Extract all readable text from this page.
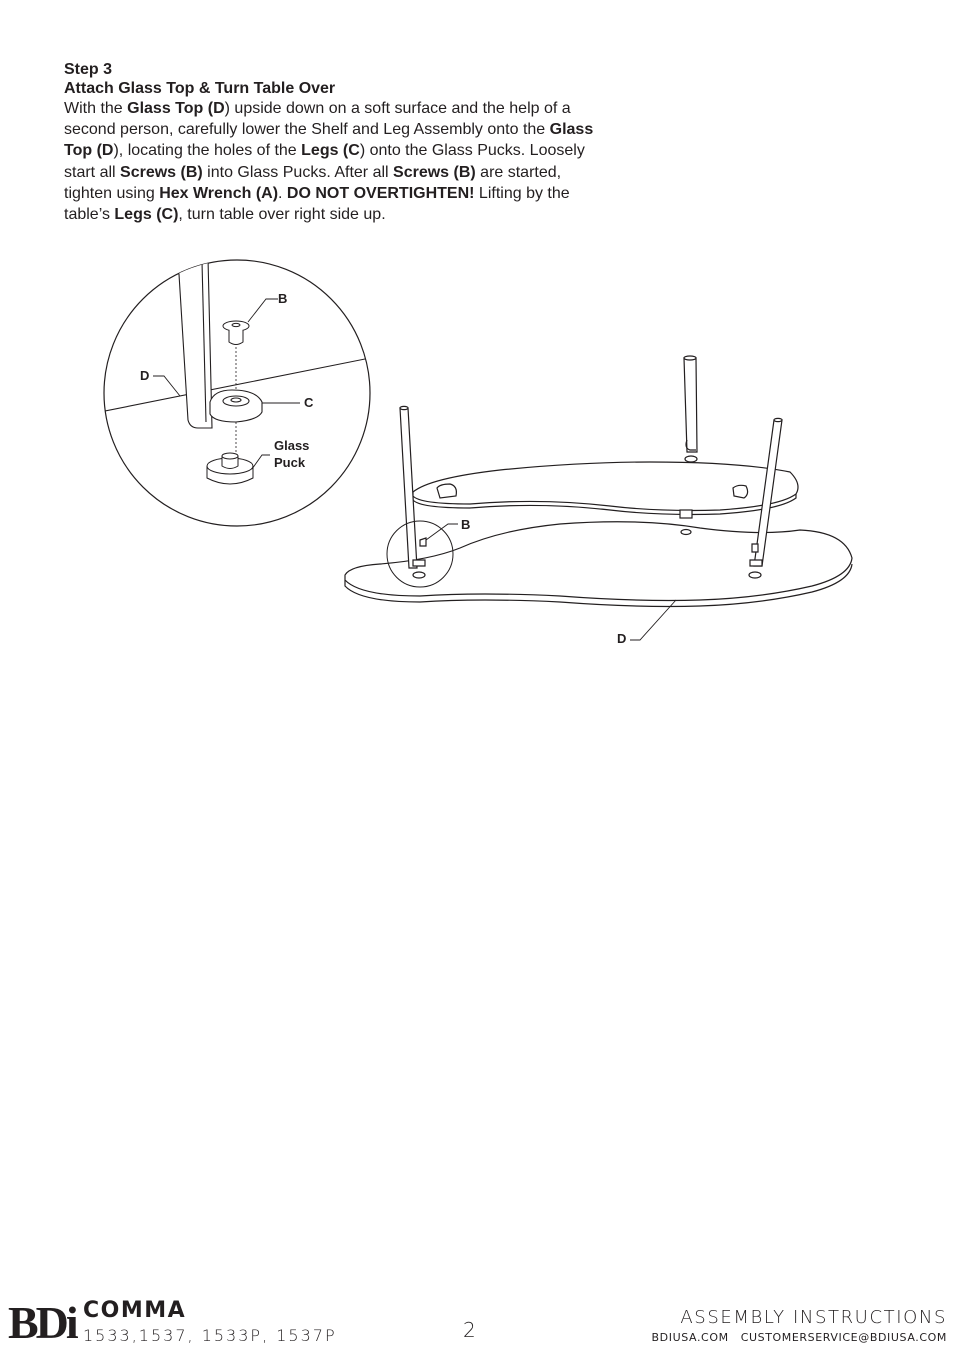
Step 3

Attach Glass Top & Turn Table Over

With the Glass Top (D) upside down on a soft surface and the help of a second person, carefully lower the Shelf and Leg Assembly onto the Glass Top (D), locating the holes of the Legs (C) onto the Glass Pucks. Loosely start all Screws (B) into Glass Pucks. After all Screws (B) are started, tighten using Hex Wrench (A). DO NOT OVERTIGHTEN! Lifting by the table’s Legs (C), turn table over right side up.

B
D
C
Glass
Puck
B
D
BDi COMMA
1533,1537, 1533P, 1537P	2
ASSEMBLY INSTRUCTIONS
BDIUSA.COM CUSTOMERSERVICE@BDIUSA.COM
